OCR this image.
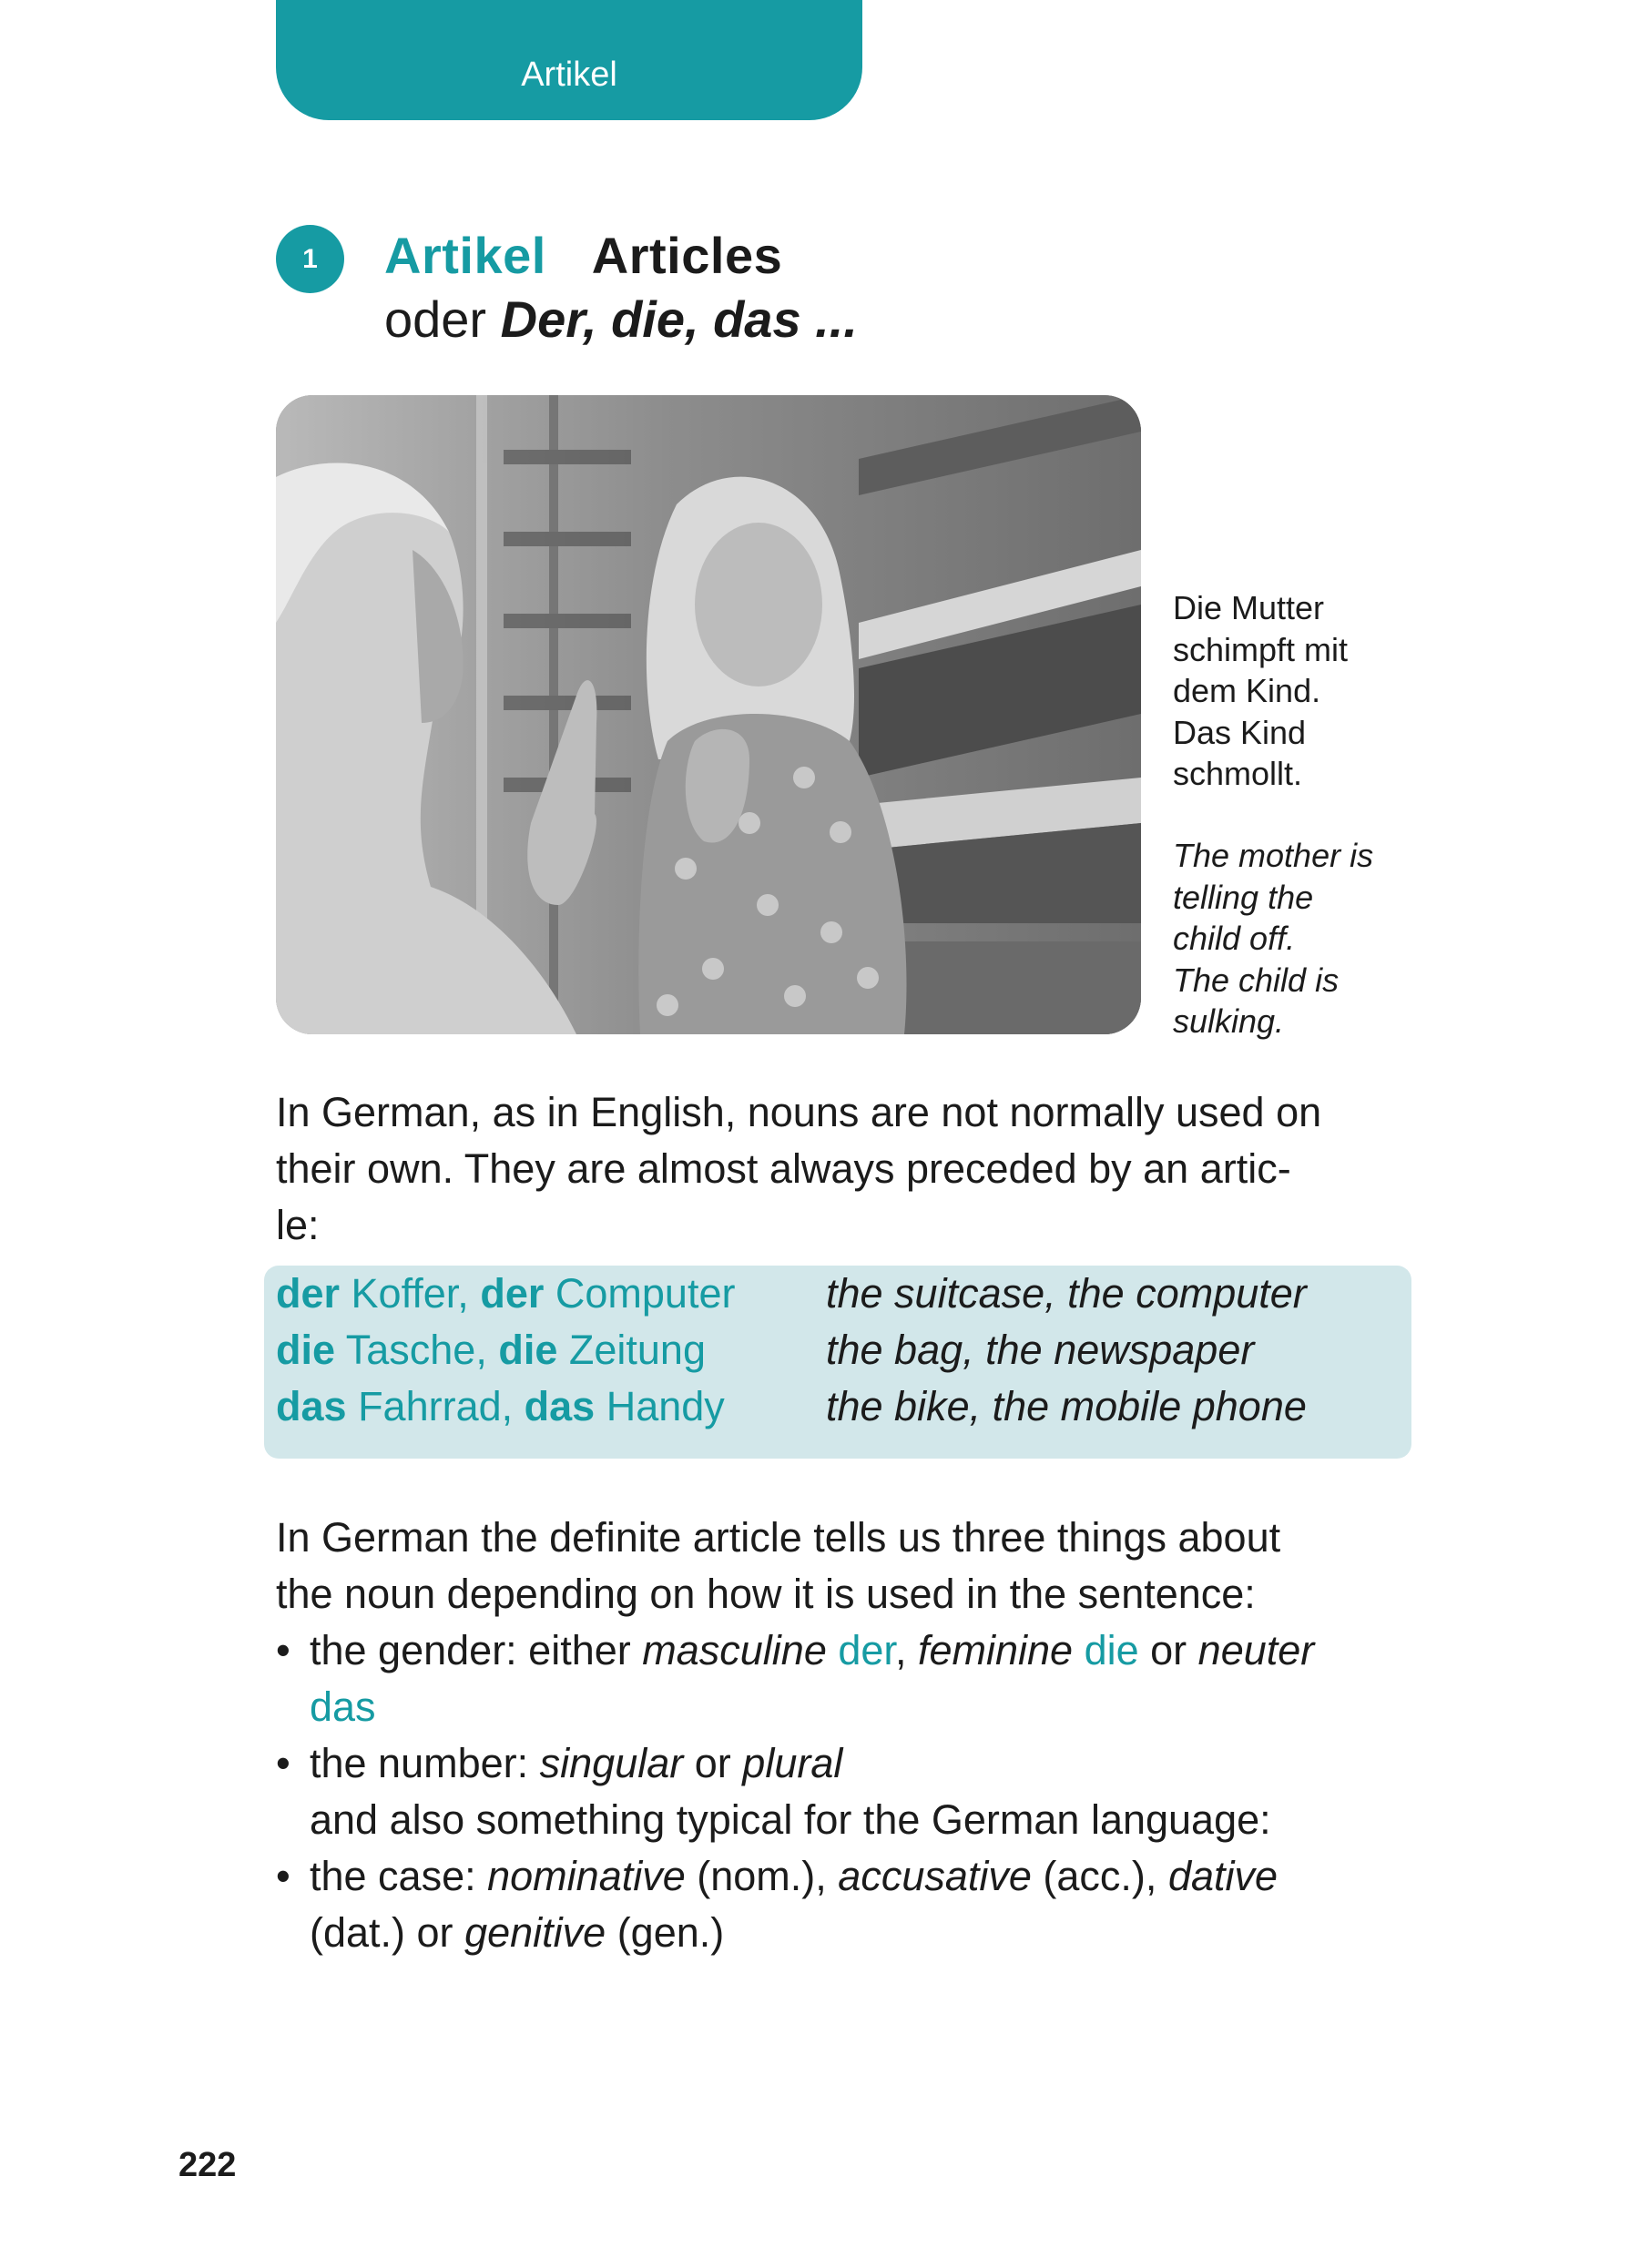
Artikel
1	Artikel Articles
oder Der, die, das ...
Die Mutter
schimpft mit
dem Kind.
Das Kind
schmollt.
The mother is
telling the
child off.
The child is
sulking.
In German, as in English, nouns are not normally used on
their own. They are almost always preceded by an artic-
le:
der Koffer, der Computer the suitcase, the computer
die Tasche, die Zeitung	the bag, the newspaper
das Fahrrad, das Handy the bike, the mobile phone
In German the definite article tells us three things about
the noun depending on how it is used in the sentence:
• the gender: either masculine der, feminine die or neuter
das
• the number: singular or plural
and also something typical for the German language:
• the case: nominative (nom.), accusative (acc.), dative
(dat.) or genitive (gen.)
222
